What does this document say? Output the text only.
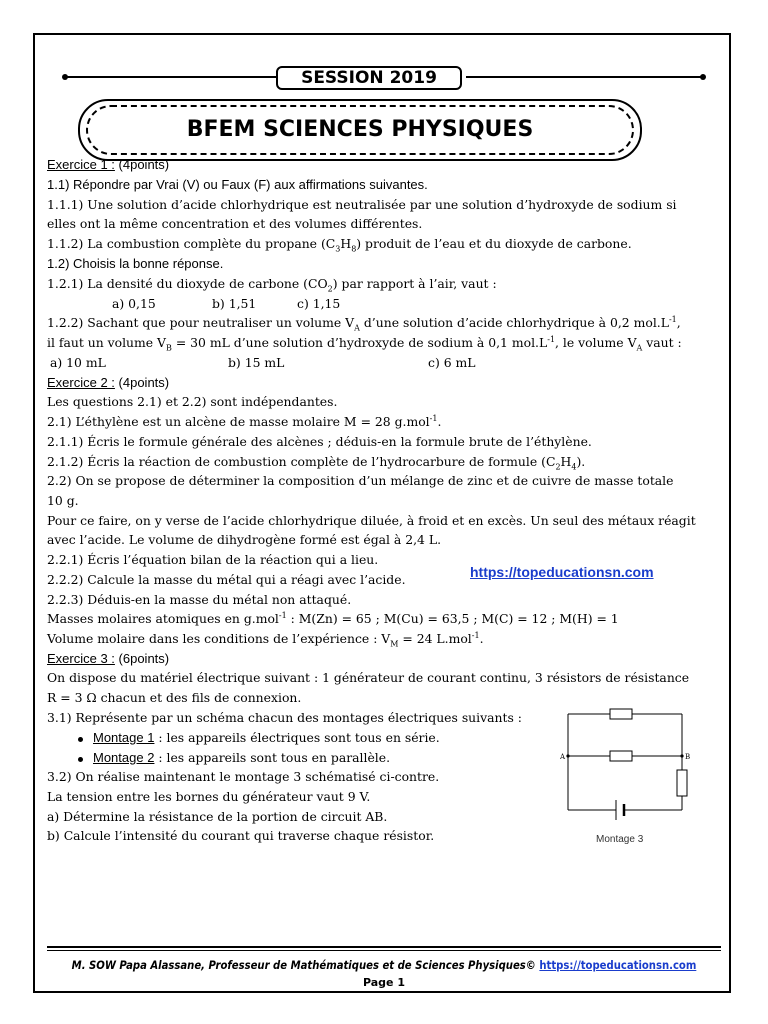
SESSION 2019
BFEM SCIENCES PHYSIQUES
Exercice 1 : (4points)
1.1) Répondre par Vrai (V) ou Faux (F) aux affirmations suivantes.
1.1.1) Une solution d’acide chlorhydrique est neutralisée par une solution d’hydroxyde de sodium si
elles ont la même concentration et des volumes différentes.
1.1.2) La combustion complète du propane $(C_3H_8)$ produit de l’eau et du dioxyde de carbone.
1.2) Choisis la bonne réponse.
1.2.1) La densité du dioxyde de carbone $(CO_2)$ par rapport à l’air, vaut :
a) 0,15	b) 1,51	c) 1,15
1.2.2) Sachant que pour neutraliser un volume $V_A$ d’une solution d’acide chlorhydrique à 0,2 $mol.L^{-1}$,
il faut un volume $V_B = 30$ mL d’une solution d’hydroxyde de sodium à 0,1 $mol.L^{-1}$, le volume $V_A$ vaut :
a) 10 mL	b) 15 mL	c) 6 mL
Exercice 2 : (4points)
Les questions 2.1) et 2.2) sont indépendantes.
2.1) L’éthylène est un alcène de masse molaire M = 28 g.mol$^{-1}$.
2.1.1) Écris le formule générale des alcènes ; déduis-en la formule brute de l’éthylène.
2.1.2) Écris la réaction de combustion complète de l’hydrocarbure de formule $(C_2H_4)$.
2.2) On se propose de déterminer la composition d’un mélange de zinc et de cuivre de masse totale
10 g.
Pour ce faire, on y verse de l’acide chlorhydrique diluée, à froid et en excès. Un seul des métaux réagit
avec l’acide. Le volume de dihydrogène formé est égal à 2,4 L.
2.2.1) Écris l’équation bilan de la réaction qui a lieu.
2.2.2) Calcule la masse du métal qui a réagi avec l’acide.	https://topeducationsn.com
2.2.3) Déduis-en la masse du métal non attaqué.
Masses molaires atomiques en g.mol$^{-1}$ : M(Zn) = 65 ; M(Cu) = 63,5 ; M(C) = 12 ; M(H) = 1
Volume molaire dans les conditions de l’expérience : $V_M = 24$ L.mol$^{-1}$.
Exercice 3 : (6points)
On dispose du matériel électrique suivant : 1 générateur de courant continu, 3 résistors de résistance
R = 3 Ω chacun et des fils de connexion.
3.1) Représente par un schéma chacun des montages électriques suivants :
Montage 1 : les appareils électriques sont tous en série.
Montage 2 : les appareils sont tous en parallèle.
3.2) On réalise maintenant le montage 3 schématisé ci-contre.
La tension entre les bornes du générateur vaut 9 V.
a) Détermine la résistance de la portion de circuit AB.
b) Calcule l’intensité du courant qui traverse chaque résistor.
A	B
Montage 3
M. SOW Papa Alassane, Professeur de Mathématiques et de Sciences Physiques© https://topeducationsn.com
Page 1
